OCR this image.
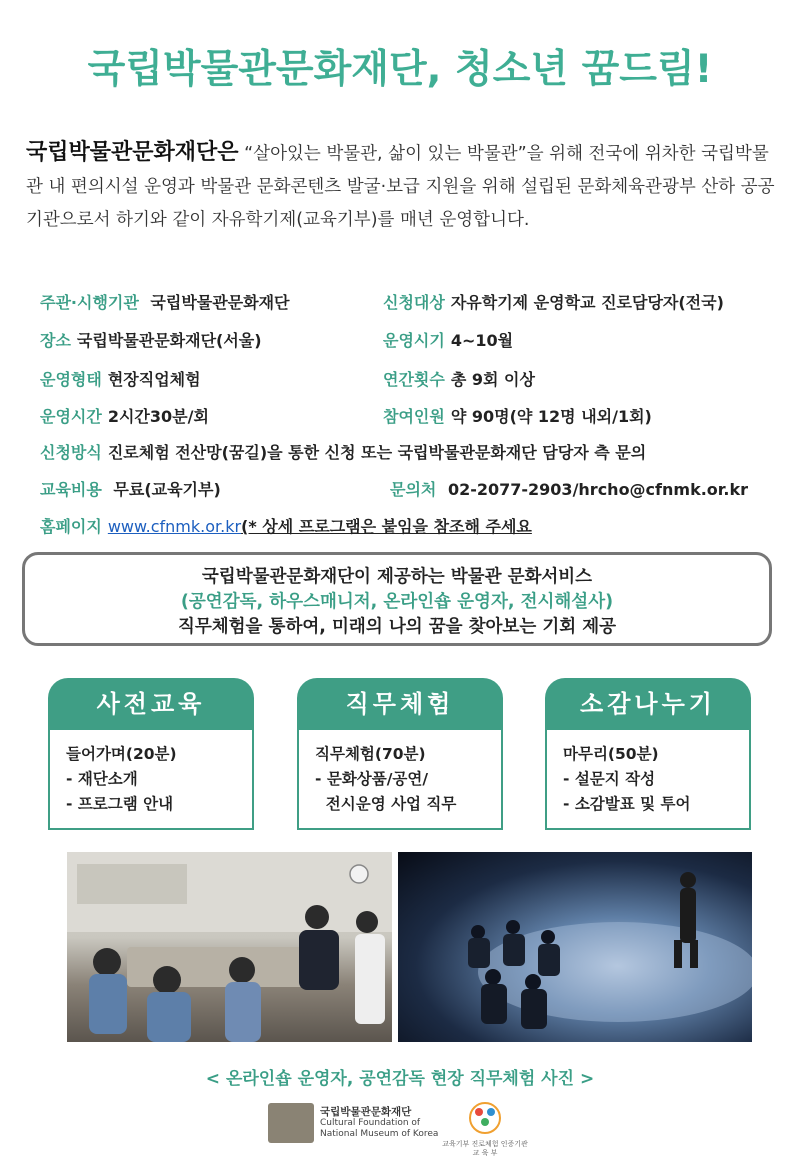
국립박물관문화재단, 청소년 꿈드림!
국립박물관문화재단은 “살아있는 박물관, 삶이 있는 박물관”을 위해 전국에 위차한 국립박물관 내 편의시설 운영과 박물관 문화콘텐츠 발굴·보급 지원을 위해 설립된 문화체육관광부 산하 공공기관으로서 하기와 같이 자유학기제(교육기부)를 매년 운영합니다.
주관·시행기관 국립박물관문화재단	신청대상 자유학기제 운영학교 진로담당자(전국)
장소 국립박물관문화재단(서울)	운영시기 4~10월
운영형태 현장직업체험	연간횟수 총 9회 이상
운영시간 2시간30분/회	참여인원 약 90명(약 12명 내외/1회)
신청방식 진로체험 전산망(꿈길)을 통한 신청 또는 국립박물관문화재단 담당자 측 문의
교육비용 무료(교육기부)	문의처 02-2077-2903/hrcho@cfnmk.or.kr
홈페이지 www.cfnmk.or.kr(* 상세 프로그램은 붙임을 참조해 주세요
국립박물관문화재단이 제공하는 박물관 문화서비스
(공연감독, 하우스매니저, 온라인숍 운영자, 전시해설사)
직무체험을 통하여, 미래의 나의 꿈을 찾아보는 기회 제공
사전교육
들어가며(20분)
- 재단소개
- 프로그램 안내
직무체험
직무체험(70분)
- 문화상품/공연/
전시운영 사업 직무
소감나누기
마무리(50분)
- 설문지 작성
- 소감발표 및 투어
< 온라인숍 운영자, 공연감독 현장 직무체험 사진 >
국립박물관문화재단
Cultural Foundation of
National Museum of Korea
교육기부 진로체험 인증기관
교 육 부
